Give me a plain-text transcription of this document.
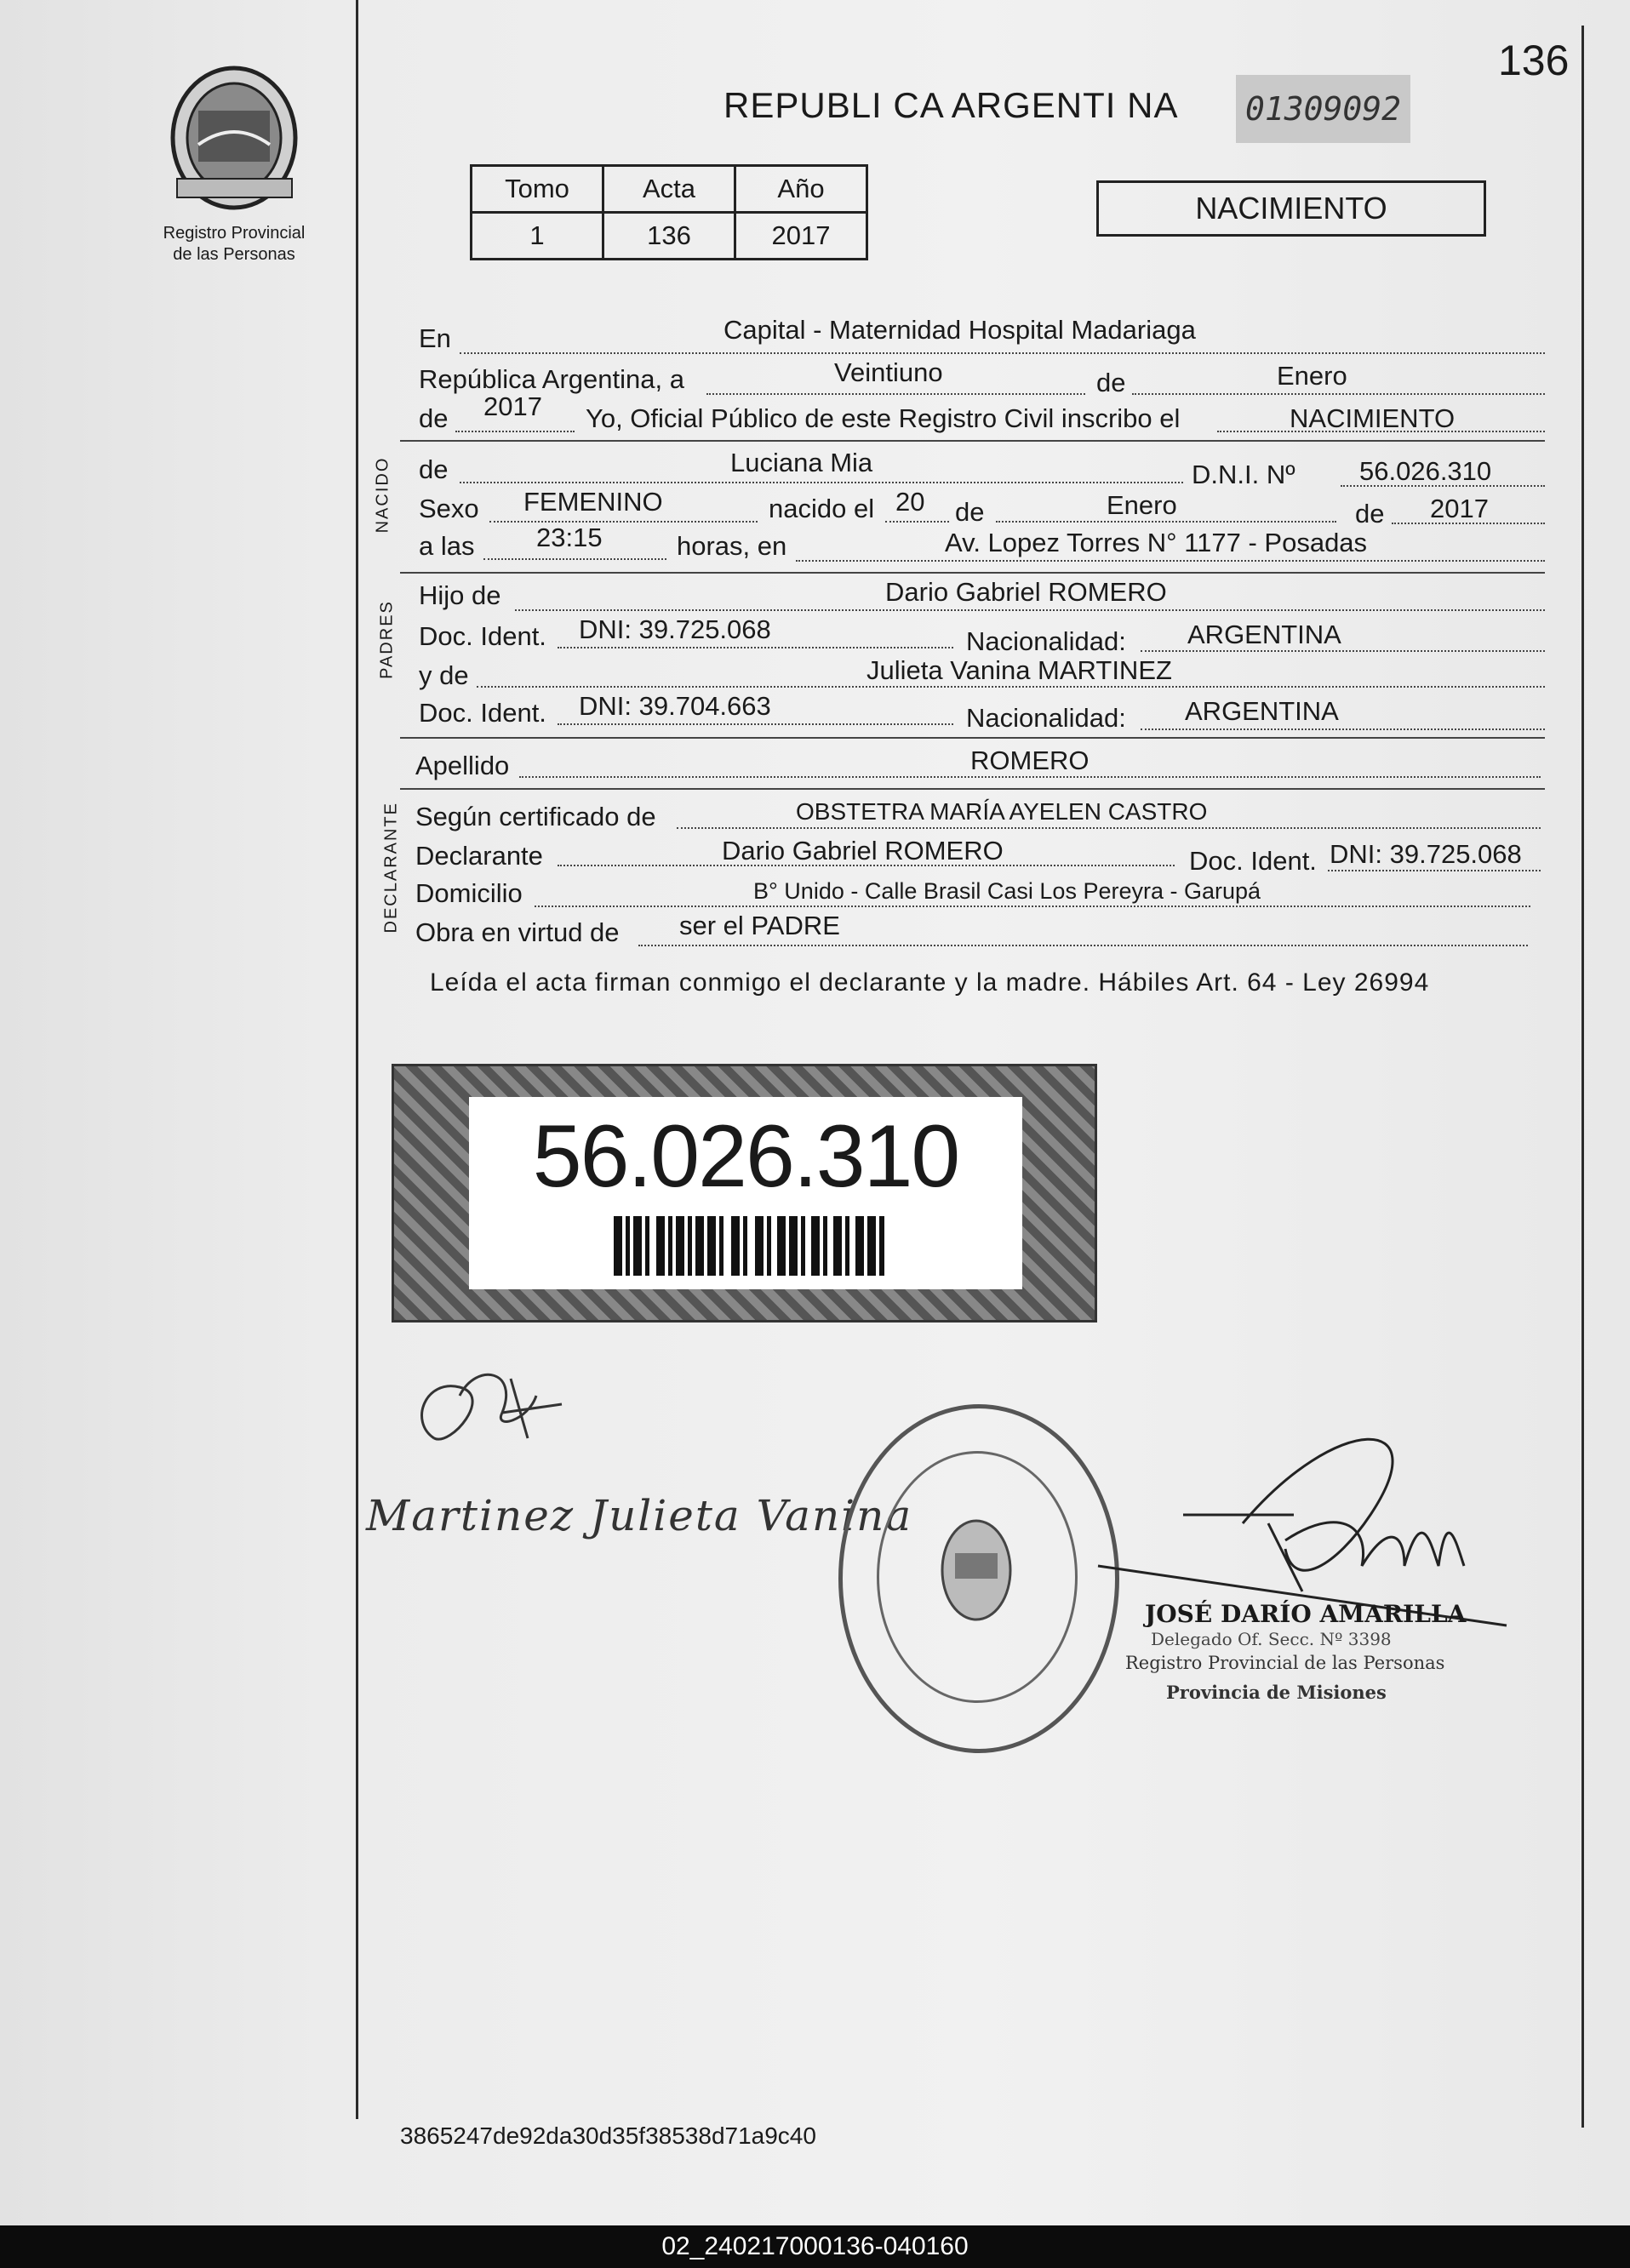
136
Registro Provincial
de las Personas
REPUBLI CA ARGENTI NA 01309092
Tomo	Acta	Año
1	136	2017
NACIMIENTO
En	Capital - Maternidad Hospital Madariaga
República Argentina, a	Veintiuno	de	Enero
de 2017 Yo, Oficial Público de este Registro Civil inscribo el	NACIMIENTO
NACIDO de	Luciana Mia	D.N.I. Nº 56.026.310
Sexo FEMENINO	nacido el 20 de	Enero	de 2017
a las 23:15	horas, en	Av. Lopez Torres N° 1177 - Posadas
PADRES
Hijo de	Dario Gabriel ROMERO
Doc. Ident. DNI: 39.725.068	Nacionalidad: ARGENTINA
y de	Julieta Vanina MARTINEZ
Doc. Ident. DNI: 39.704.663	Nacionalidad: ARGENTINA
Apellido	ROMERO
DECLARANTE Según certificado de	OBSTETRA MARÍA AYELEN CASTRO
Declarante	Dario Gabriel ROMERO	Doc. Ident. DNI: 39.725.068
Domicilio	B° Unido - Calle Brasil Casi Los Pereyra - Garupá
Obra en virtud de ser el PADRE
Leída el acta firman conmigo el declarante y la madre. Hábiles Art. 64 - Ley 26994
56.026.310
Martinez Julieta Vanina
JOSÉ DARÍO AMARILLA
Delegado Of. Secc. Nº 3398
Registro Provincial de las Personas
Provincia de Misiones
3865247de92da30d35f38538d71a9c40
02_240217000136-040160
